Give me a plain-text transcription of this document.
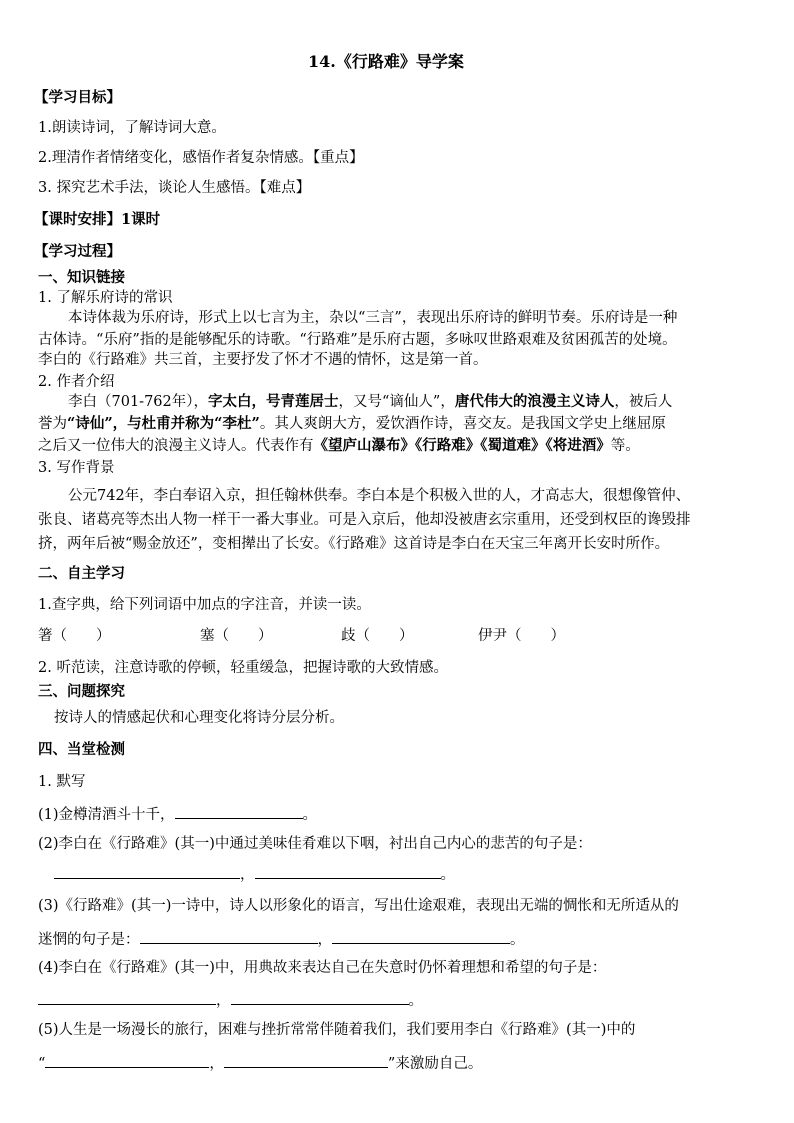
14.《行路难》导学案
【学习目标】
1.朗读诗词，了解诗词大意。
2.理清作者情绪变化，感悟作者复杂情感。【重点】
3. 探究艺术手法，谈论人生感悟。【难点】
【课时安排】1课时
【学习过程】
一、知识链接
1. 了解乐府诗的常识
本诗体裁为乐府诗，形式上以七言为主，杂以“三言”，表现出乐府诗的鲜明节奏。乐府诗是一种
古体诗。“乐府”指的是能够配乐的诗歌。“行路难”是乐府古题，多咏叹世路艰难及贫困孤苦的处境。
李白的《行路难》共三首，主要抒发了怀才不遇的情怀，这是第一首。
2. 作者介绍
李白（701-762年），字太白，号青莲居士，又号“谪仙人”，唐代伟大的浪漫主义诗人，被后人
誉为“诗仙”，与杜甫并称为“李杜”。其人爽朗大方，爱饮酒作诗，喜交友。是我国文学史上继屈原
之后又一位伟大的浪漫主义诗人。代表作有《望庐山瀑布》《行路难》《蜀道难》《将进酒》等。
3. 写作背景
公元742年，李白奉诏入京，担任翰林供奉。李白本是个积极入世的人，才高志大，很想像管仲、
张良、诸葛亮等杰出人物一样干一番大事业。可是入京后，他却没被唐玄宗重用，还受到权臣的谗毁排
挤，两年后被“赐金放还”，变相撵出了长安。《行路难》这首诗是李白在天宝三年离开长安时所作。
二、自主学习
1.查字典，给下列词语中加点的字注音，并读一读。
箸（　　）	塞（　　）	歧（　　）	伊尹（　　）
2. 听范读，注意诗歌的停顿，轻重缓急，把握诗歌的大致情感。
三、问题探究
按诗人的情感起伏和心理变化将诗分层分析。
四、当堂检测
1. 默写
(1)金樽清酒斗十千，	。
(2)李白在《行路难》(其一)中通过美味佳肴难以下咽，衬出自己内心的悲苦的句子是：
，	。
(3)《行路难》(其一)一诗中，诗人以形象化的语言，写出仕途艰难，表现出无端的惆怅和无所适从的
迷惘的句子是：	，	。
(4)李白在《行路难》(其一)中，用典故来表达自己在失意时仍怀着理想和希望的句子是：
，	。
(5)人生是一场漫长的旅行，困难与挫折常常伴随着我们，我们要用李白《行路难》(其一)中的
“	，	”来激励自己。
